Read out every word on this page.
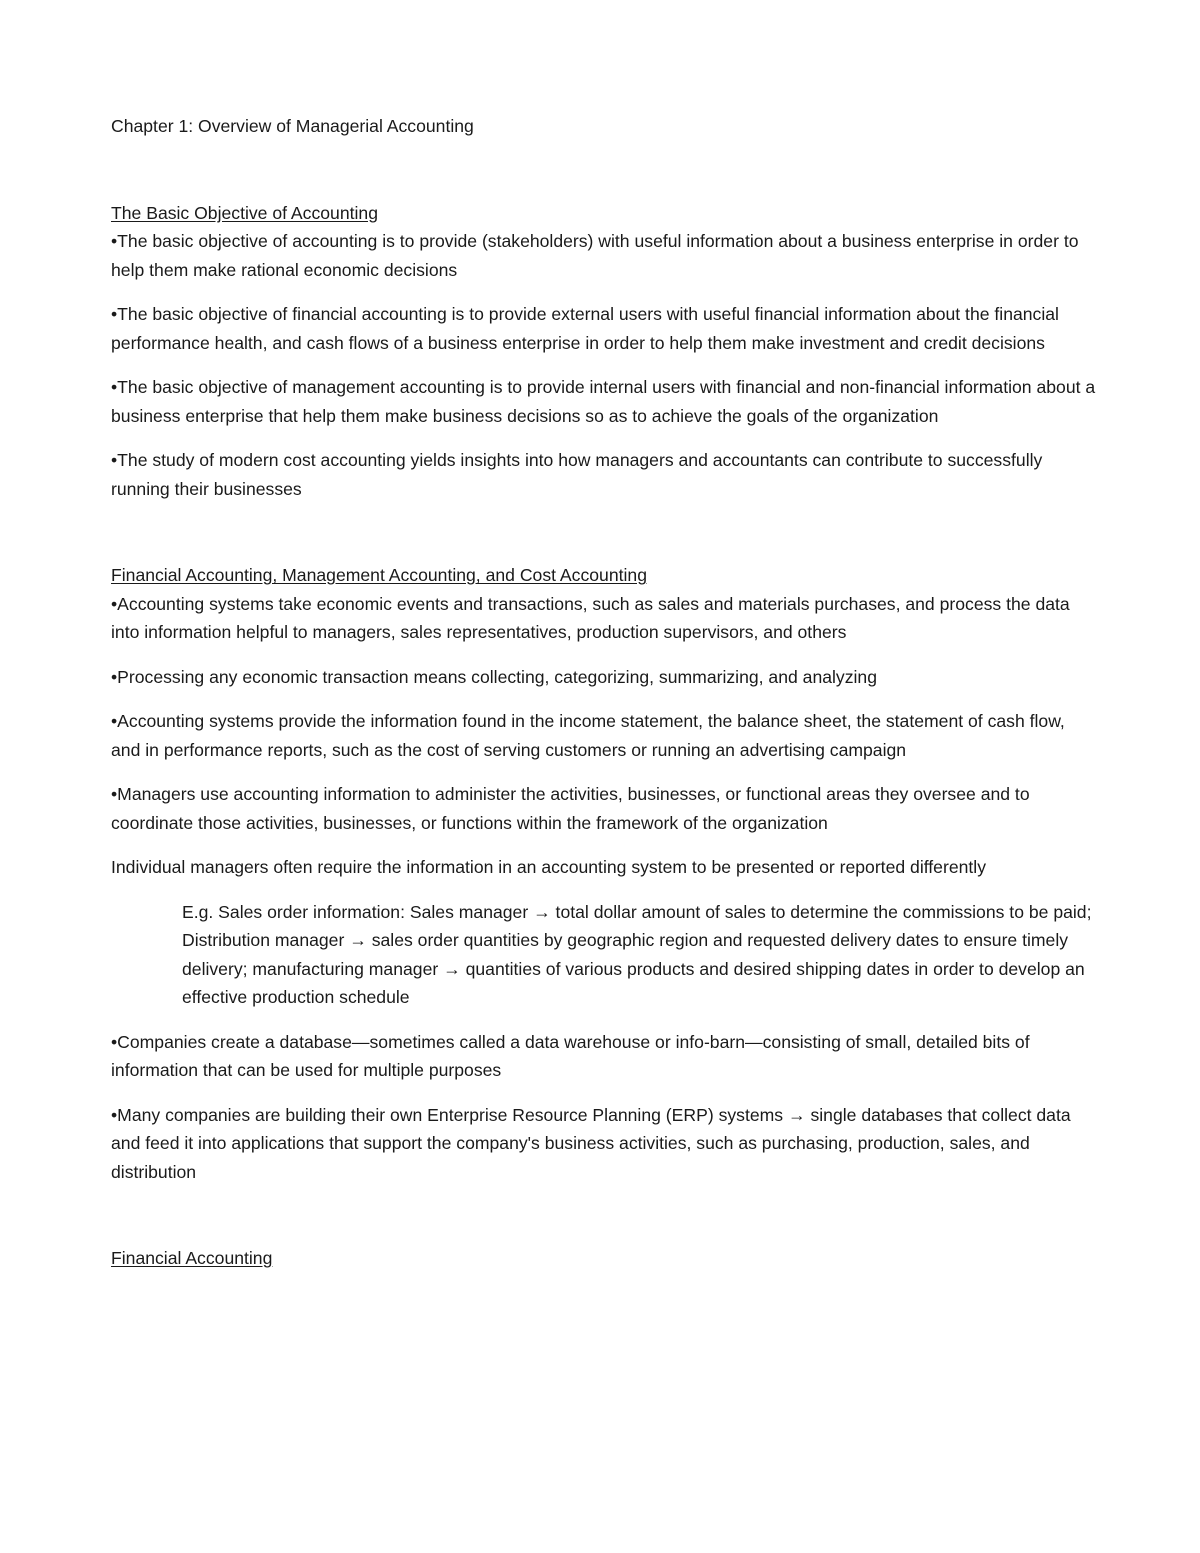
Chapter 1: Overview of Managerial Accounting
The Basic Objective of Accounting

•The basic objective of accounting is to provide (stakeholders) with useful information about a business enterprise in order to help them make rational economic decisions

•The basic objective of financial accounting is to provide external users with useful financial information about the financial performance health, and cash flows of a business enterprise in order to help them make investment and credit decisions

•The basic objective of management accounting is to provide internal users with financial and non-financial information about a business enterprise that help them make business decisions so as to achieve the goals of the organization

•The study of modern cost accounting yields insights into how managers and accountants can contribute to successfully running their businesses

Financial Accounting, Management Accounting, and Cost Accounting

•Accounting systems take economic events and transactions, such as sales and materials purchases, and process the data into information helpful to managers, sales representatives, production supervisors, and others

•Processing any economic transaction means collecting, categorizing, summarizing, and analyzing

•Accounting systems provide the information found in the income statement, the balance sheet, the statement of cash flow, and in performance reports, such as the cost of serving customers or running an advertising campaign

•Managers use accounting information to administer the activities, businesses, or functional areas they oversee and to coordinate those activities, businesses, or functions within the framework of the organization

Individual managers often require the information in an accounting system to be presented or reported differently

E.g. Sales order information: Sales manager → total dollar amount of sales to determine the commissions to be paid; Distribution manager → sales order quantities by geographic region and requested delivery dates to ensure timely delivery; manufacturing manager → quantities of various products and desired shipping dates in order to develop an effective production schedule

•Companies create a database—sometimes called a data warehouse or info-barn—consisting of small, detailed bits of information that can be used for multiple purposes

•Many companies are building their own Enterprise Resource Planning (ERP) systems → single databases that collect data and feed it into applications that support the company's business activities, such as purchasing, production, sales, and distribution

Financial Accounting
